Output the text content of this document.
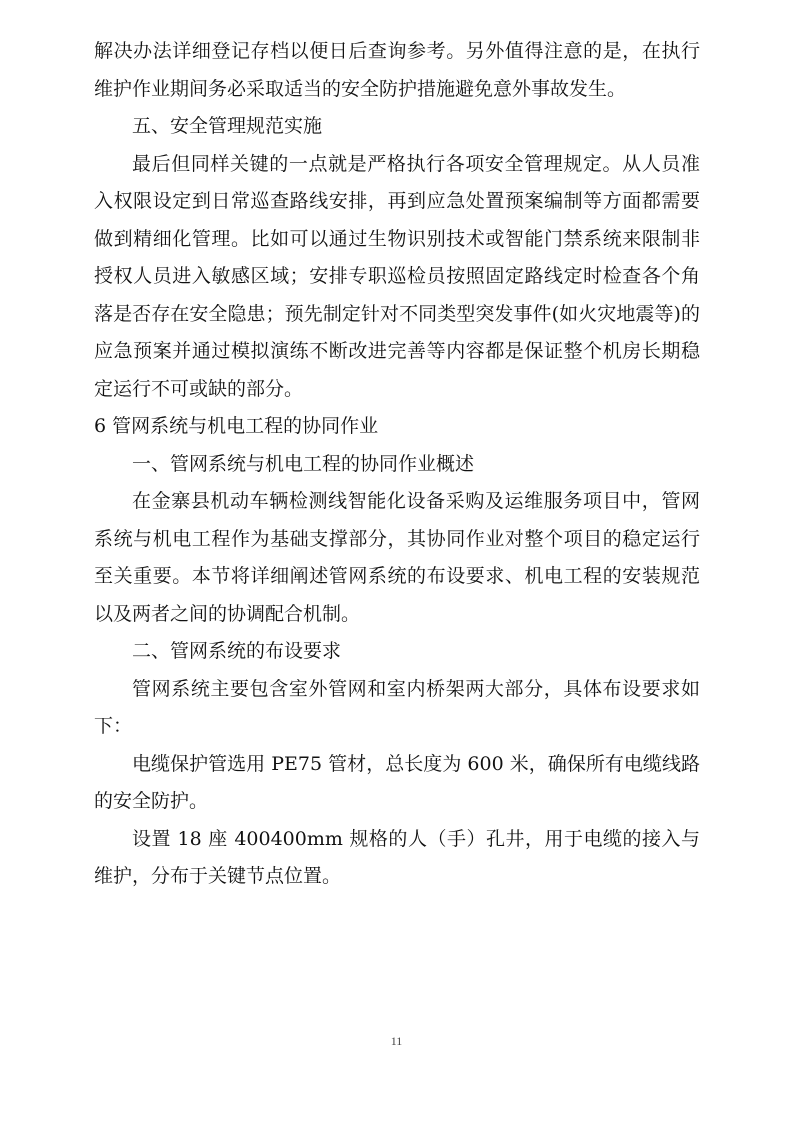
解决办法详细登记存档以便日后查询参考。另外值得注意的是，在执行维护作业期间务必采取适当的安全防护措施避免意外事故发生。

五、安全管理规范实施

最后但同样关键的一点就是严格执行各项安全管理规定。从人员准入权限设定到日常巡查路线安排，再到应急处置预案编制等方面都需要做到精细化管理。比如可以通过生物识别技术或智能门禁系统来限制非授权人员进入敏感区域；安排专职巡检员按照固定路线定时检查各个角落是否存在安全隐患；预先制定针对不同类型突发事件(如火灾地震等)的应急预案并通过模拟演练不断改进完善等内容都是保证整个机房长期稳定运行不可或缺的部分。

6 管网系统与机电工程的协同作业

一、管网系统与机电工程的协同作业概述

在金寨县机动车辆检测线智能化设备采购及运维服务项目中，管网系统与机电工程作为基础支撑部分，其协同作业对整个项目的稳定运行至关重要。本节将详细阐述管网系统的布设要求、机电工程的安装规范以及两者之间的协调配合机制。

二、管网系统的布设要求

管网系统主要包含室外管网和室内桥架两大部分，具体布设要求如下：

电缆保护管选用 PE75 管材，总长度为 600 米，确保所有电缆线路的安全防护。

设置 18 座 400400mm 规格的人（手）孔井，用于电缆的接入与维护，分布于关键节点位置。

11
